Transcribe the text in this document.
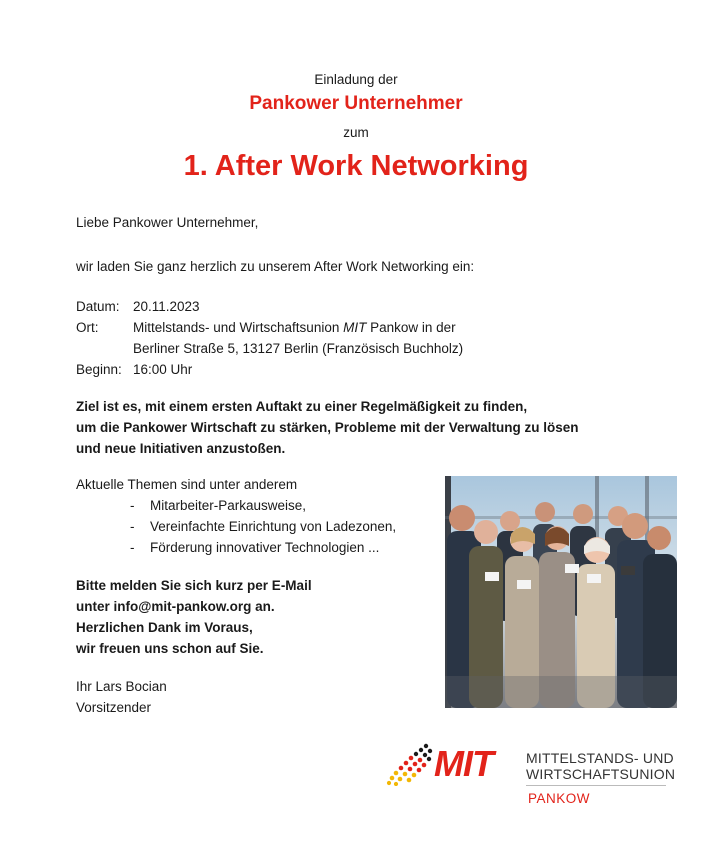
Einladung der
Pankower Unternehmer
zum
1. After Work Networking
Liebe Pankower Unternehmer,
wir laden Sie ganz herzlich zu unserem After Work Networking ein:
Datum: 20.11.2023
Ort:	Mittelstands- und Wirtschaftsunion MIT Pankow in der
Berliner Straße 5, 13127 Berlin (Französisch Buchholz)
Beginn: 16:00 Uhr
Ziel ist es, mit einem ersten Auftakt zu einer Regelmäßigkeit zu finden,
um die Pankower Wirtschaft zu stärken, Probleme mit der Verwaltung zu lösen
und neue Initiativen anzustoßen.
Aktuelle Themen sind unter anderem
-	Mitarbeiter-Parkausweise,
-	Vereinfachte Einrichtung von Ladezonen,
-	Förderung innovativer Technologien ...
Bitte melden Sie sich kurz per E-Mail
unter info@mit-pankow.org an.
Herzlichen Dank im Voraus,
wir freuen uns schon auf Sie.
Ihr Lars Bocian
Vorsitzender
MIT MITTELSTANDS- UND
WIRTSCHAFTSUNION
PANKOW
